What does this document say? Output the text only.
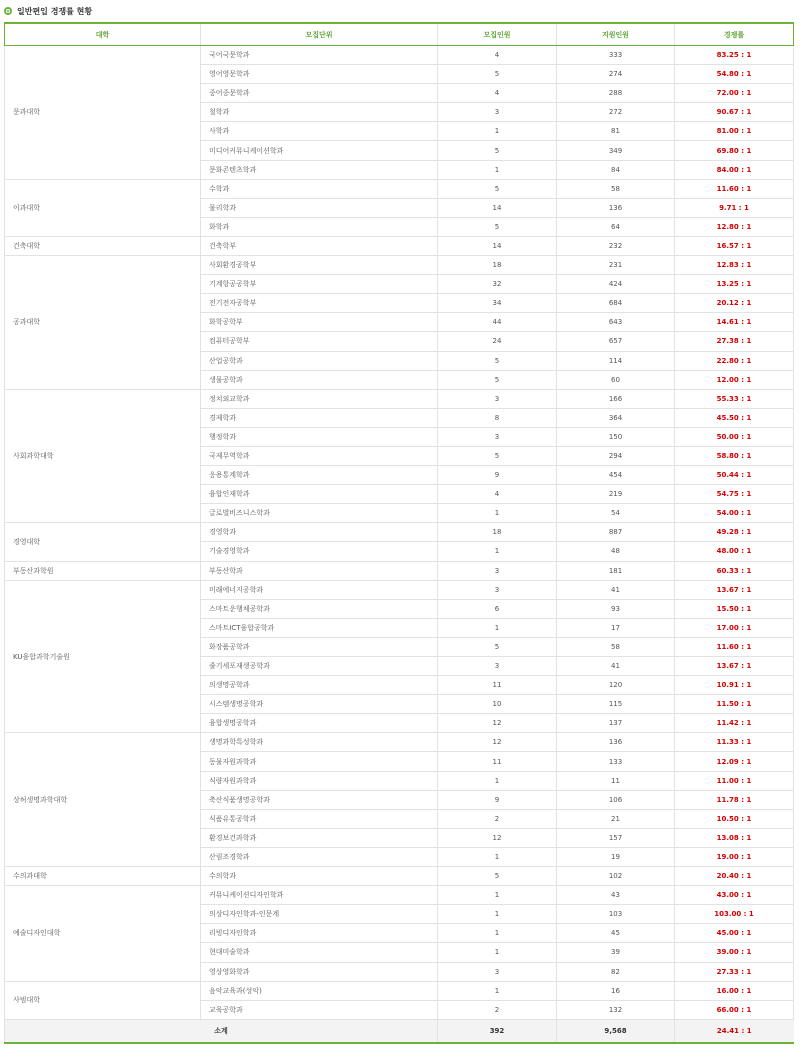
일반편입 경쟁률 현황
대학	모집단위	모집인원	지원인원	경쟁률
문과대학	국어국문학과	4	333	83.25 : 1
	영어영문학과	5	274	54.80 : 1
	중어중문학과	4	288	72.00 : 1
	철학과	3	272	90.67 : 1
	사학과	1	81	81.00 : 1
	미디어커뮤니케이션학과	5	349	69.80 : 1
	문화콘텐츠학과	1	84	84.00 : 1
이과대학	수학과	5	58	11.60 : 1
	물리학과	14	136	9.71 : 1
	화학과	5	64	12.80 : 1
건축대학	건축학부	14	232	16.57 : 1
공과대학	사회환경공학부	18	231	12.83 : 1
	기계항공공학부	32	424	13.25 : 1
	전기전자공학부	34	684	20.12 : 1
	화학공학부	44	643	14.61 : 1
	컴퓨터공학부	24	657	27.38 : 1
	산업공학과	5	114	22.80 : 1
	생물공학과	5	60	12.00 : 1
사회과학대학	정치외교학과	3	166	55.33 : 1
	경제학과	8	364	45.50 : 1
	행정학과	3	150	50.00 : 1
	국제무역학과	5	294	58.80 : 1
	응용통계학과	9	454	50.44 : 1
	융합인재학과	4	219	54.75 : 1
	글로벌비즈니스학과	1	54	54.00 : 1
경영대학	경영학과	18	887	49.28 : 1
	기술경영학과	1	48	48.00 : 1
부동산과학원	부동산학과	3	181	60.33 : 1
KU융합과학기술원	미래에너지공학과	3	41	13.67 : 1
	스마트운행체공학과	6	93	15.50 : 1
	스마트ICT융합공학과	1	17	17.00 : 1
	화장품공학과	5	58	11.60 : 1
	줄기세포재생공학과	3	41	13.67 : 1
	의생명공학과	11	120	10.91 : 1
	시스템생명공학과	10	115	11.50 : 1
	융합생명공학과	12	137	11.42 : 1
상허생명과학대학	생명과학특성학과	12	136	11.33 : 1
	동물자원과학과	11	133	12.09 : 1
	식량자원과학과	1	11	11.00 : 1
	축산식품생명공학과	9	106	11.78 : 1
	식품유통공학과	2	21	10.50 : 1
	환경보건과학과	12	157	13.08 : 1
	산림조경학과	1	19	19.00 : 1
수의과대학	수의학과	5	102	20.40 : 1
예술디자인대학	커뮤니케이션디자인학과	1	43	43.00 : 1
	의상디자인학과-인문계	1	103	103.00 : 1
	리빙디자인학과	1	45	45.00 : 1
	현대미술학과	1	39	39.00 : 1
	영상영화학과	3	82	27.33 : 1
사범대학	음악교육과(성악)	1	16	16.00 : 1
	교육공학과	2	132	66.00 : 1
소계		392	9,568	24.41 : 1
